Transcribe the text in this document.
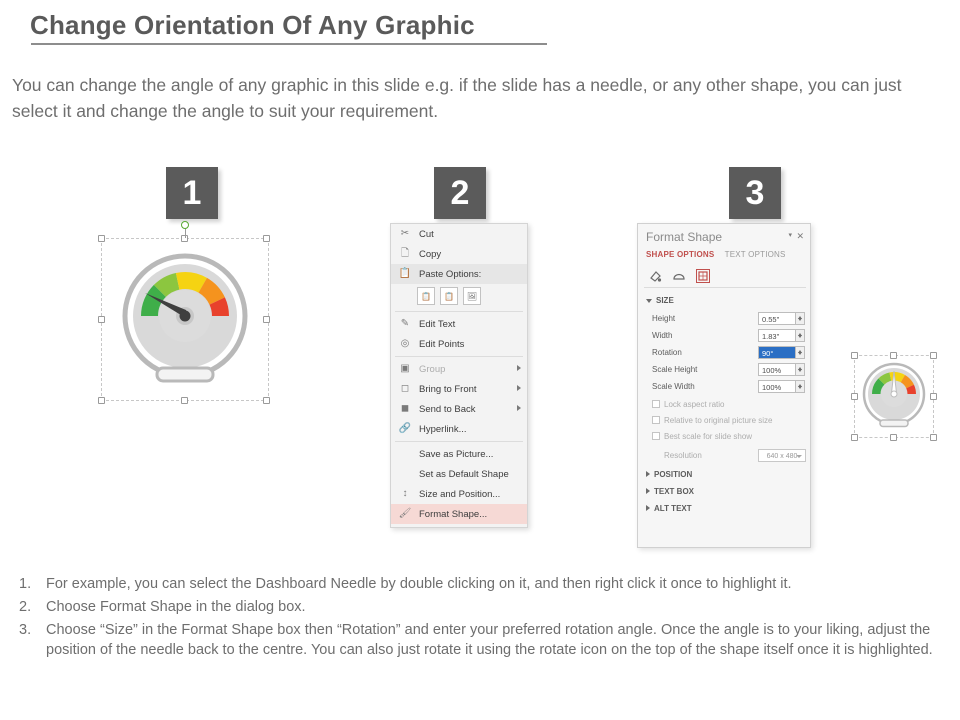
Change Orientation Of Any Graphic
You can change the angle of any graphic in this slide e.g. if the slide has a needle, or any other shape, you can just select it and change the angle to suit your requirement.
1	2	3
✂ Cut
🗋	Copy
📋 Paste Options:
📋	📋	🖼
✎ Edit Text
◎ Edit Points
▣ Group
◻ Bring to Front
◼ Send to Back
🔗 Hyperlink...
Save as Picture...
Set as Default Shape
↕	Size and Position...
🖌 Format Shape...
Format Shape	▾ ✕
SHAPE OPTIONS TEXT OPTIONS
SIZE
Height	0.55"
Width	1.83"
Rotation	90°
Scale Height	100%
Scale Width	100%
Lock aspect ratio
Relative to original picture size
Best scale for slide show
Resolution	640 x 480
POSITION
TEXT BOX
ALT TEXT
1. For example, you can select the Dashboard Needle by double clicking on it, and then right click it once to highlight it.
2. Choose Format Shape in the dialog box.
3. Choose “Size” in the Format Shape box then “Rotation” and enter your preferred rotation angle. Once the angle is to your liking, adjust the position of the needle back to the centre. You can also just rotate it using the rotate icon on the top of the shape itself once it is highlighted.
